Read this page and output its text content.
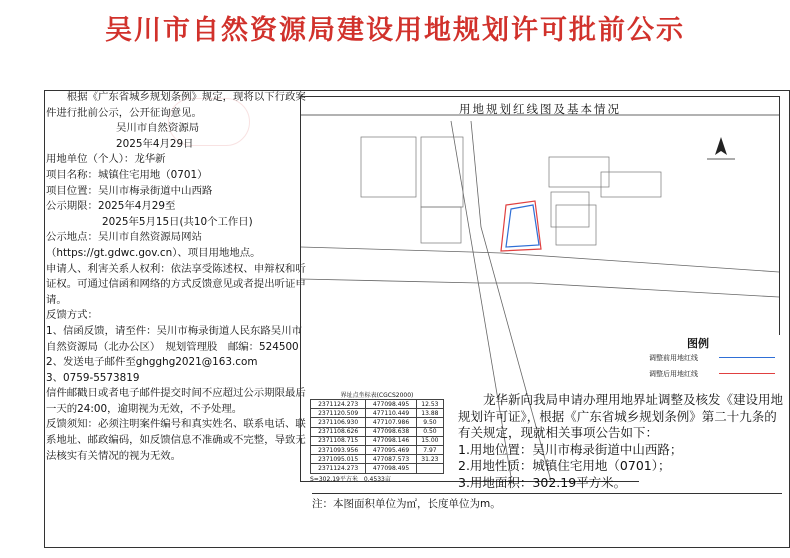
吴川市自然资源局建设用地规划许可批前公示

根据《广东省城乡规划条例》规定，现将以下行政案件进行批前公示，公开征询意见。

吴川市自然资源局

2025年4月29日

用地单位（个人）：龙华新

项目名称：城镇住宅用地（0701）

项目位置：吴川市梅录街道中山西路

公示期限：2025年4月29至

2025年5月15日(共10个工作日)

公示地点：吴川市自然资源局网站（https://gt.gdwc.gov.cn）、项目用地地点。

申请人、利害关系人权利：依法享受陈述权、申辩权和听证权。可通过信函和网络的方式反馈意见或者提出听证申请。

反馈方式：

1、信函反馈，请至件：吴川市梅录街道人民东路吴川市自然资源局（北办公区）　规划管理股　邮编：524500

2、发送电子邮件至ghgghg2021@163.com

3、0759-5573819

信件邮戳日或者电子邮件提交时间不应超过公示期限最后一天的24:00，逾期视为无效，不予处理。

反馈须知：必须注明案件编号和真实姓名、联系电话、联系地址、邮政编码，如反馈信息不准确或不完整，导致无法核实有关情况的视为无效。

用地规划红线图及基本情况
图例
调整前用地红线
调整后用地红线
界址点坐标表(CGCS2000)
2371124.273	477098.495	12.53
2371120.509	477110.449	13.88
2371106.930	477107.986	9.50
2371108.626	477098.638	0.50
2371108.715	477098.146	15.00
2371093.956	477095.469	7.97
2371095.015	477087.573	31.23
2371124.273	477098.495	
S=302.19平方米　0.4533亩

龙华新向我局申请办理用地界址调整及核发《建设用地规划许可证》，根据《广东省城乡规划条例》第二十九条的有关规定，现就相关事项公告如下：

1.用地位置：吴川市梅录街道中山西路；

2.用地性质：城镇住宅用地（0701）；

3.用地面积：302.19平方米。

注：本图面积单位为㎡，长度单位为m。
